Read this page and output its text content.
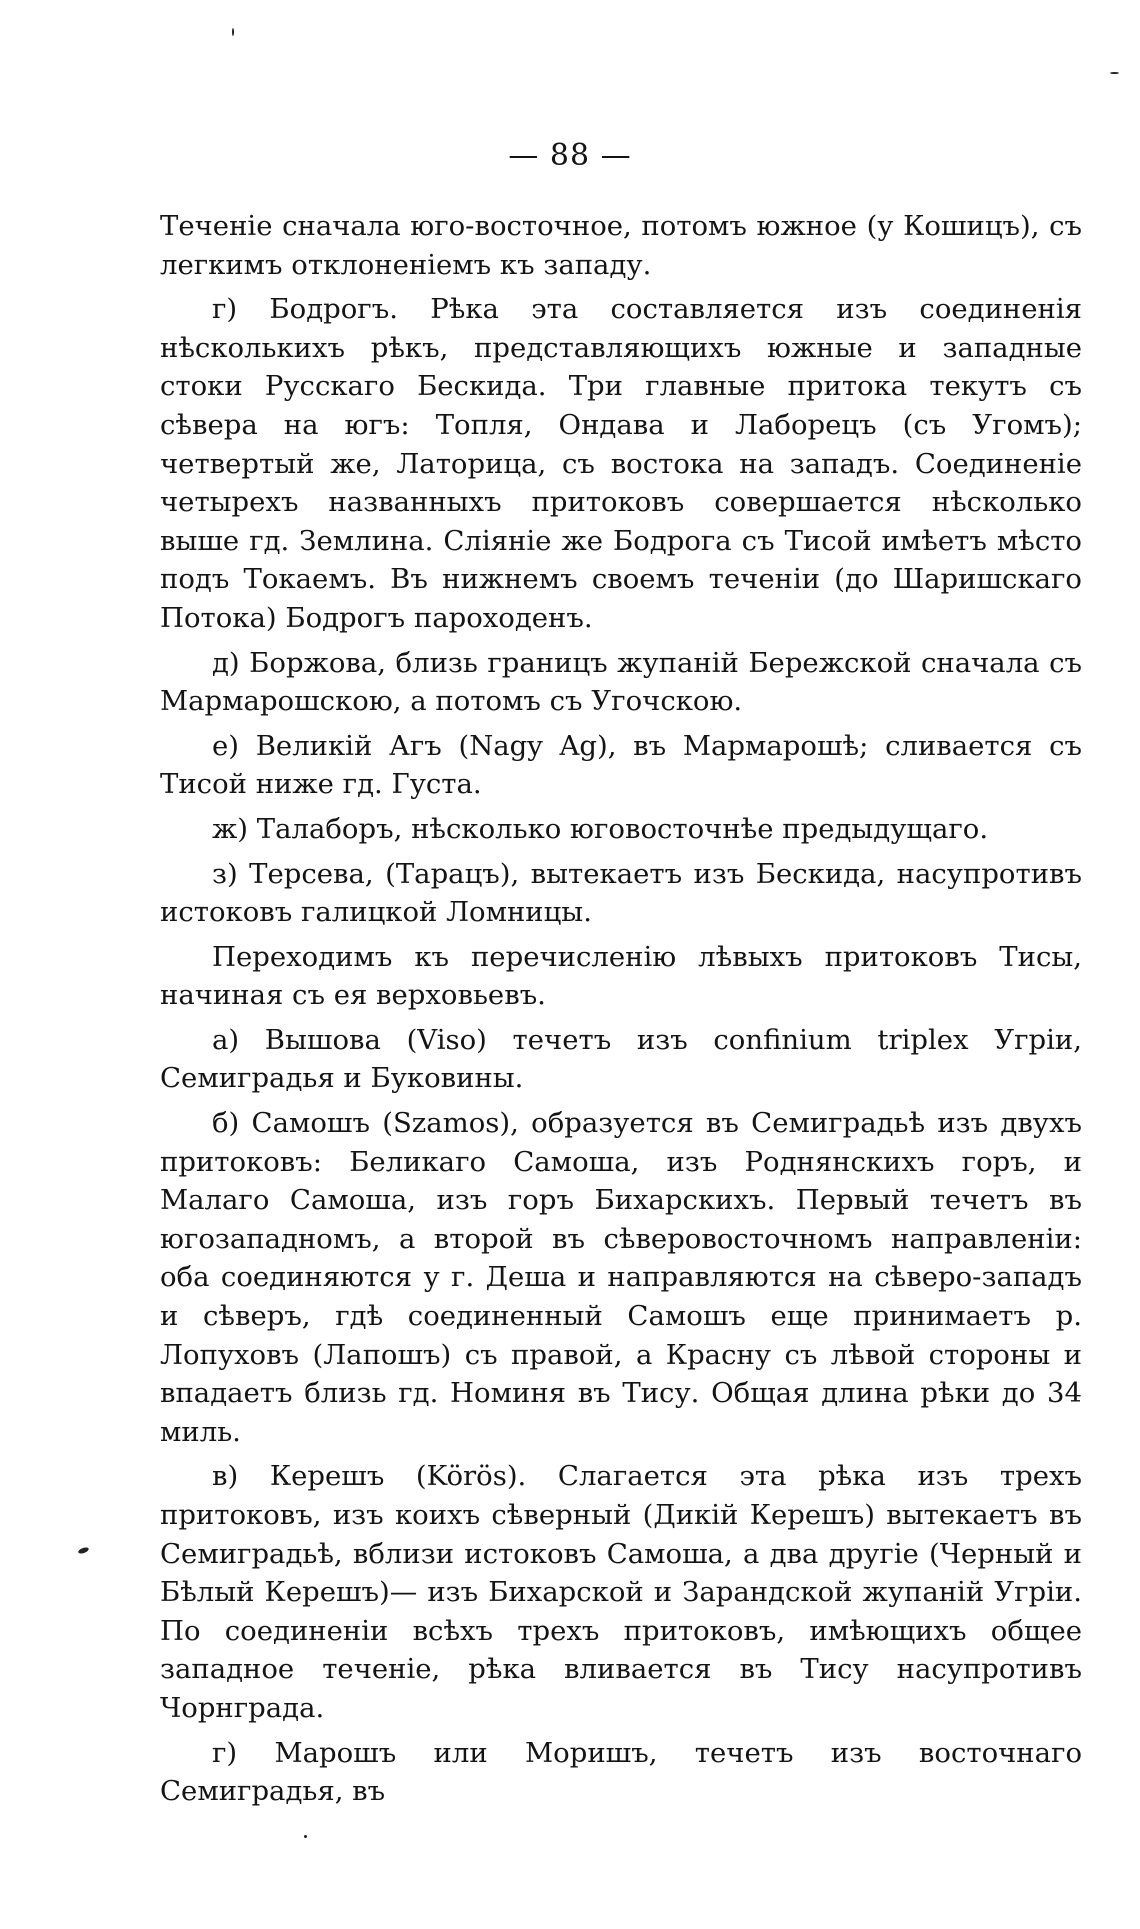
— 88 —

Теченіе сначала юго-восточное, потомъ южное (у Кошицъ), съ легкимъ отклоненіемъ къ западу.

г) Бодрогъ. Рѣка эта составляется изъ соединенія нѣсколькихъ рѣкъ, представляющихъ южные и западные стоки Русскаго Бескида. Три главные притока текутъ съ сѣвера на югъ: Топля, Ондава и Лаборецъ (съ Угомъ); четвертый же, Латорица, съ востока на западъ. Соединеніе четырехъ названныхъ притоковъ совершается нѣсколько выше гд. Землина. Сліяніе же Бодрога съ Тисой имѣетъ мѣсто подъ Токаемъ. Въ нижнемъ своемъ теченіи (до Шаришскаго Потока) Бодрогъ пароходенъ.

д) Боржова, близь границъ жупаній Бережской сначала съ Мармарошскою, а потомъ съ Угочскою.

е) Великій Агъ (Nagy Ag), въ Мармарошѣ; сливается съ Тисой ниже гд. Густа.

ж) Талаборъ, нѣсколько юговосточнѣе предыдущаго.

з) Терсева, (Тарацъ), вытекаетъ изъ Бескида, насупротивъ истоковъ галицкой Ломницы.

Переходимъ къ перечисленію лѣвыхъ притоковъ Тисы, начиная съ ея верховьевъ.

а) Вышова (Viso) течетъ изъ confinium triplex Угріи, Семиградья и Буковины.

б) Самошъ (Szamos), образуется въ Семиградьѣ изъ двухъ притоковъ: Беликаго Самоша, изъ Роднянскихъ горъ, и Малаго Самоша, изъ горъ Бихарскихъ. Первый течетъ въ югозападномъ, а второй въ сѣверовосточномъ направленіи: оба соединяются у г. Деша и направляются на сѣверо-западъ и сѣверъ, гдѣ соединенный Самошъ еще принимаетъ р. Лопуховъ (Лапошъ) съ правой, а Красну съ лѣвой стороны и впадаетъ близь гд. Номиня въ Тису. Общая длина рѣки до 34 миль.

в) Керешъ (Körös). Слагается эта рѣка изъ трехъ притоковъ, изъ коихъ сѣверный (Дикій Керешъ) вытекаетъ въ Семиградьѣ, вблизи истоковъ Самоша, а два другіе (Черный и Бѣлый Керешъ)— изъ Бихарской и Зарандской жупаній Угріи. По соединеніи всѣхъ трехъ притоковъ, имѣющихъ общее западное теченіе, рѣка вливается въ Тису насупротивъ Чорнграда.

г) Марошъ или Моришъ, течетъ изъ восточнаго Семиградья, въ
